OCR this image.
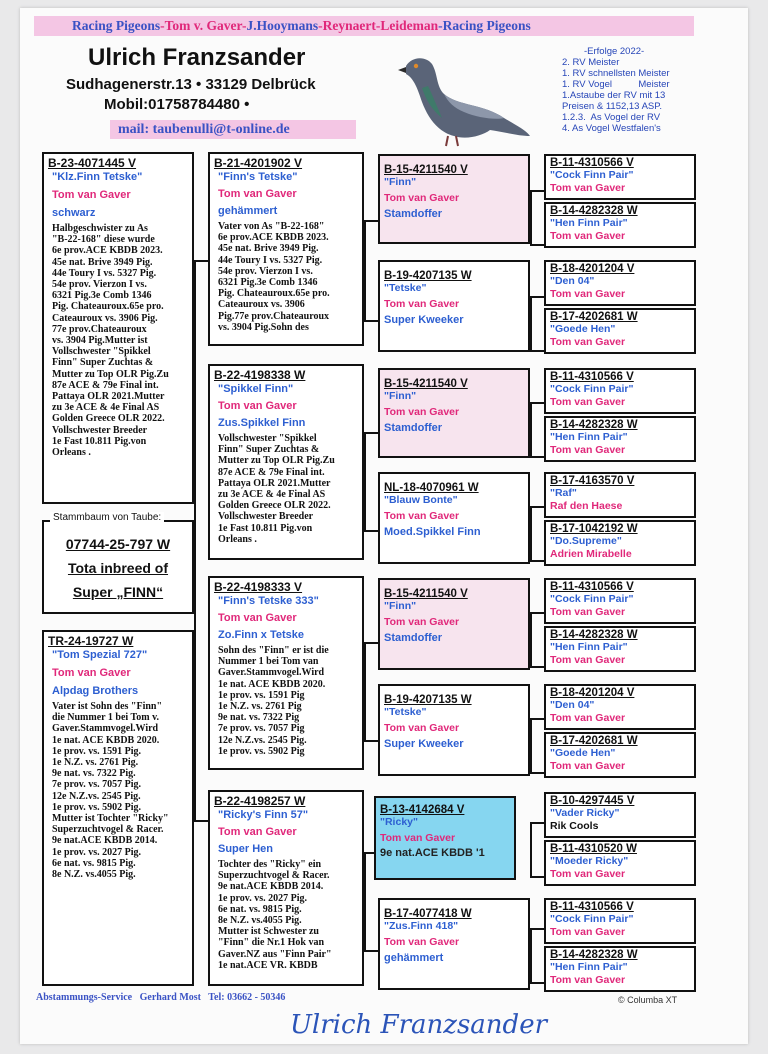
Racing Pigeons-Tom v. Gaver-J.Hooymans-Reynaert-Leideman-Racing Pigeons
Ulrich Franzsander
Sudhagenerstr.13 • 33129 Delbrück
Mobil:01758784480 •
mail: taubenulli@t-online.de
-Erfolge 2022-
2. RV Meister
1. RV schnellsten Meister
1. RV Vogel          Meister
1.Astaube der RV mit 13
Preisen & 1152,13 ASP.
1.2.3.  As Vogel der RV
4. As Vogel Westfalen's
B-23-4071445 V
"Klz.Finn Tetske"
Tom van Gaver
schwarz
Halbgeschwister zu As
"B-22-168" diese wurde
6e prov.ACE KBDB 2023.
45e nat. Brive 3949 Pig.
44e Toury I vs. 5327 Pig.
54e prov. Vierzon I vs.
6321 Pig.3e Comb 1346
Pig. Chateauroux.65e pro.
Cateauroux vs. 3906 Pig.
77e prov.Chateauroux
vs. 3904 Pig.Mutter ist
Vollschwester "Spikkel
Finn" Super Zuchtas &
Mutter zu Top OLR Pig.Zu
87e ACE & 79e Final int.
Pattaya OLR 2021.Mutter
zu 3e ACE & 4e Final AS
Golden Greece OLR 2022.
Vollschwester Breeder
1e Fast 10.811 Pig.von
Orleans .
07744-25-797 W
Tota inbreed of
Super „FINN“
Stammbaum von Taube:
TR-24-19727 W
"Tom Spezial 727"
Tom van Gaver
Alpdag Brothers
Vater ist Sohn des "Finn"
die Nummer 1 bei Tom v.
Gaver.Stammvogel.Wird
1e nat. ACE KBDB 2020.
1e prov. vs. 1591 Pig.
1e N.Z. vs. 2761 Pig.
9e nat. vs. 7322 Pig.
7e prov. vs. 7057 Pig.
12e N.Z.vs. 2545 Pig.
1e prov. vs. 5902 Pig.
Mutter ist Tochter "Ricky"
Superzuchtvogel & Racer.
9e nat.ACE KBDB 2014.
1e prov. vs. 2027 Pig.
6e nat. vs. 9815 Pig.
8e N.Z. vs.4055 Pig.
B-21-4201902 V
"Finn's Tetske"
Tom van Gaver
gehämmert
Vater von As "B-22-168"
6e prov.ACE KBDB 2023.
45e nat. Brive 3949 Pig.
44e Toury I vs. 5327 Pig.
54e prov. Vierzon I vs.
6321 Pig.3e Comb 1346
Pig. Chateauroux.65e pro.
Cateauroux vs. 3906
Pig.77e prov.Chateauroux
vs. 3904 Pig.Sohn des
B-22-4198338 W
"Spikkel Finn"
Tom van Gaver
Zus.Spikkel Finn
Vollschwester "Spikkel
Finn" Super Zuchtas &
Mutter zu Top OLR Pig.Zu
87e ACE & 79e Final int.
Pattaya OLR 2021.Mutter
zu 3e ACE & 4e Final AS
Golden Greece OLR 2022.
Vollschwester Breeder
1e Fast 10.811 Pig.von
Orleans .
B-22-4198333 V
"Finn's Tetske 333"
Tom van Gaver
Zo.Finn x Tetske
Sohn des "Finn" er ist die
Nummer 1 bei Tom van
Gaver.Stammvogel.Wird
1e nat. ACE KBDB 2020.
1e prov. vs. 1591 Pig
1e N.Z. vs. 2761 Pig
9e nat. vs. 7322 Pig
7e prov. vs. 7057 Pig
12e N.Z.vs. 2545 Pig.
1e prov. vs. 5902 Pig
B-22-4198257 W
"Ricky's Finn 57"
Tom van Gaver
Super Hen
Tochter des "Ricky" ein
Superzuchtvogel & Racer.
9e nat.ACE KBDB 2014.
1e prov. vs. 2027 Pig.
6e nat. vs. 9815 Pig.
8e N.Z. vs.4055 Pig.
Mutter ist Schwester zu
"Finn" die Nr.1 Hok van
Gaver.NZ aus "Finn Pair"
1e nat.ACE VR. KBDB
B-15-4211540 V
"Finn"
Tom van Gaver
Stamdoffer
B-19-4207135 W
"Tetske"
Tom van Gaver
Super Kweeker
B-15-4211540 V
"Finn"
Tom van Gaver
Stamdoffer
NL-18-4070961 W
"Blauw Bonte"
Tom van Gaver
Moed.Spikkel Finn
B-15-4211540 V
"Finn"
Tom van Gaver
Stamdoffer
B-19-4207135 W
"Tetske"
Tom van Gaver
Super Kweeker
B-13-4142684 V
"Ricky"
Tom van Gaver
9e nat.ACE KBDB '1
B-17-4077418 W
"Zus.Finn 418"
Tom van Gaver
gehämmert
B-11-4310566 V
"Cock Finn Pair"
Tom van Gaver
B-14-4282328 W
"Hen Finn Pair"
Tom van Gaver
B-18-4201204 V
"Den 04"
Tom van Gaver
B-17-4202681 W
"Goede Hen"
Tom van Gaver
B-11-4310566 V
"Cock Finn Pair"
Tom van Gaver
B-14-4282328 W
"Hen Finn Pair"
Tom van Gaver
B-17-4163570 V
"Raf"
Raf den Haese
B-17-1042192 W
"Do.Supreme"
Adrien Mirabelle
B-11-4310566 V
"Cock Finn Pair"
Tom van Gaver
B-14-4282328 W
"Hen Finn Pair"
Tom van Gaver
B-18-4201204 V
"Den 04"
Tom van Gaver
B-17-4202681 W
"Goede Hen"
Tom van Gaver
B-10-4297445 V
"Vader Ricky"
Rik Cools
B-11-4310520 W
"Moeder Ricky"
Tom van Gaver
B-11-4310566 V
"Cock Finn Pair"
Tom van Gaver
B-14-4282328 W
"Hen Finn Pair"
Tom van Gaver
Abstammungs-Service   Gerhard Most   Tel: 03662 - 50346	© Columba XT
Ulrich Franzsander
